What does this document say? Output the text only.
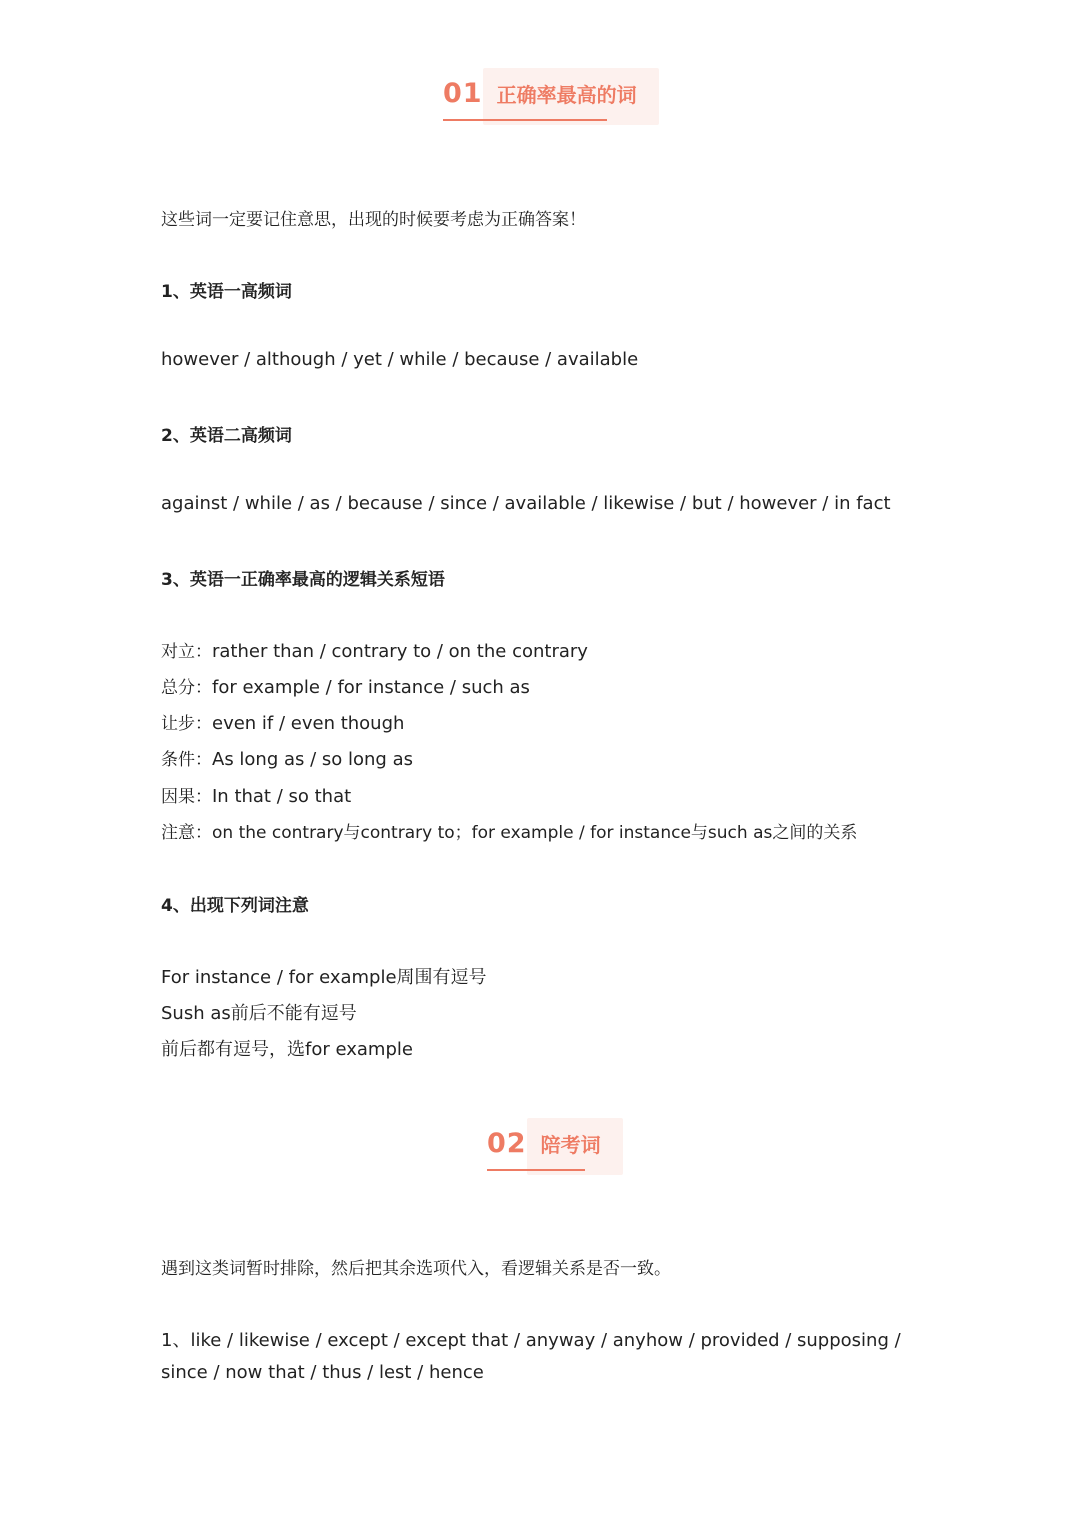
01 正确率最高的词
这些词一定要记住意思，出现的时候要考虑为正确答案！
1、英语一高频词
however / although / yet / while / because / available
2、英语二高频词
against / while / as / because / since / available / likewise / but / however / in fact
3、英语一正确率最高的逻辑关系短语
对立：rather than / contrary to / on the contrary
总分：for example / for instance / such as
让步：even if / even though
条件：As long as / so long as
因果：In that / so that
注意：on the contrary与contrary to；for example / for instance与such as之间的关系
4、出现下列词注意
For instance / for example周围有逗号
Sush as前后不能有逗号
前后都有逗号，选for example
02 陪考词
遇到这类词暂时排除，然后把其余选项代入，看逻辑关系是否一致。
1、like / likewise / except / except that / anyway / anyhow / provided / supposing /
since / now that / thus / lest / hence
